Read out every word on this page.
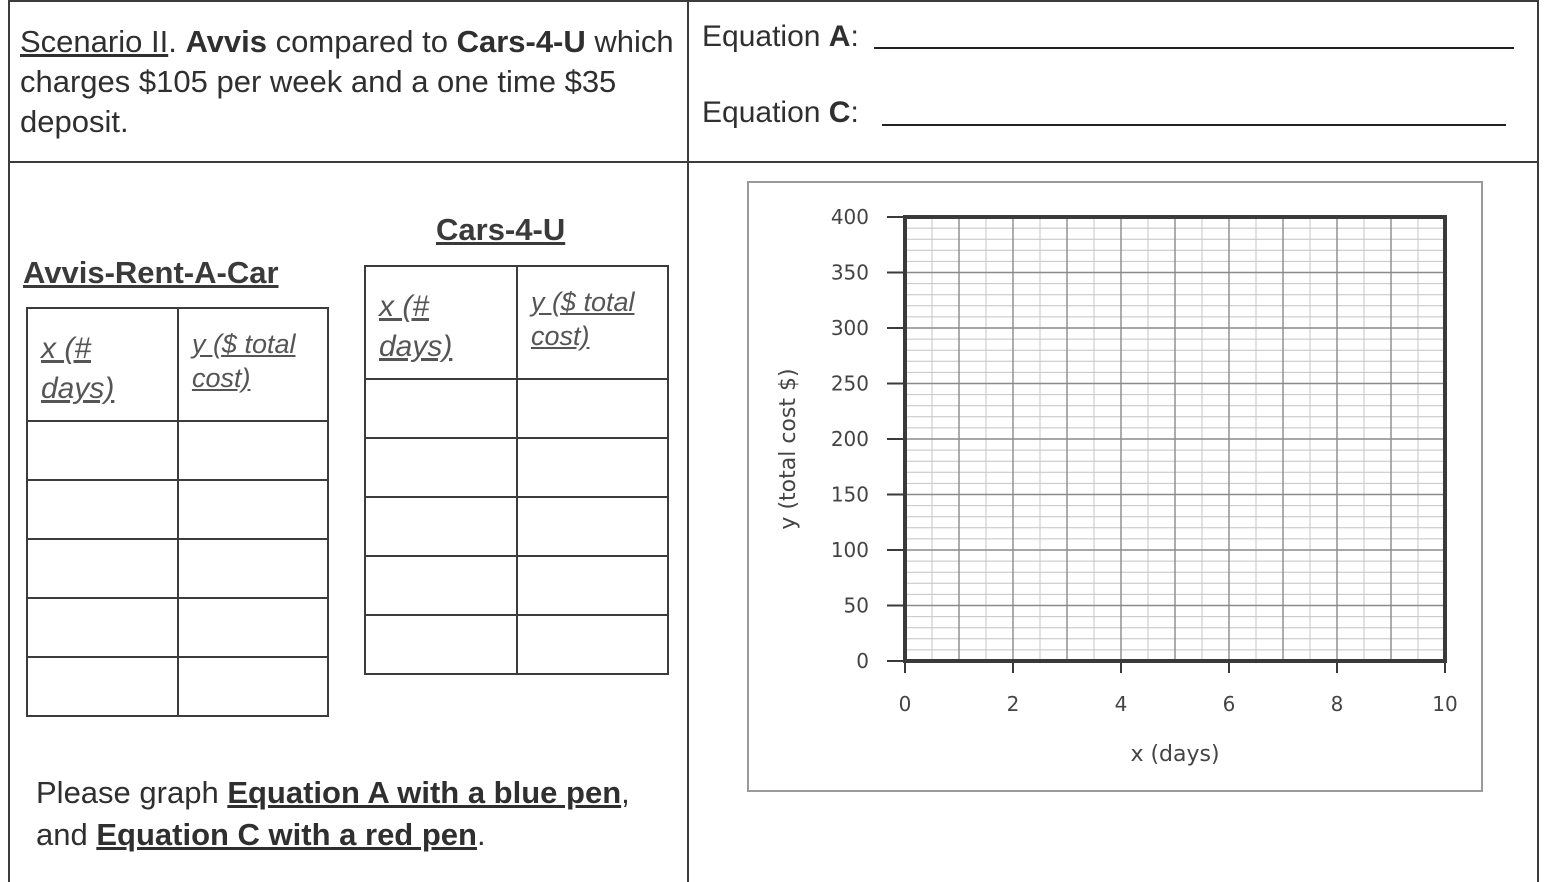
Scenario II. Avvis compared to Cars-4-U which charges $105 per week and a one time $35 deposit.
Equation A:
Equation C:
Avvis-Rent-A-Car
x (# days)	y ($ total cost)

Cars-4-U
x (# days)	y ($ total cost)

Please graph Equation A with a blue pen, and Equation C with a red pen.
0
50
100
150
200
250
300
350
400
0	2	4	6	8	10
x (days)
y (total cost $)
